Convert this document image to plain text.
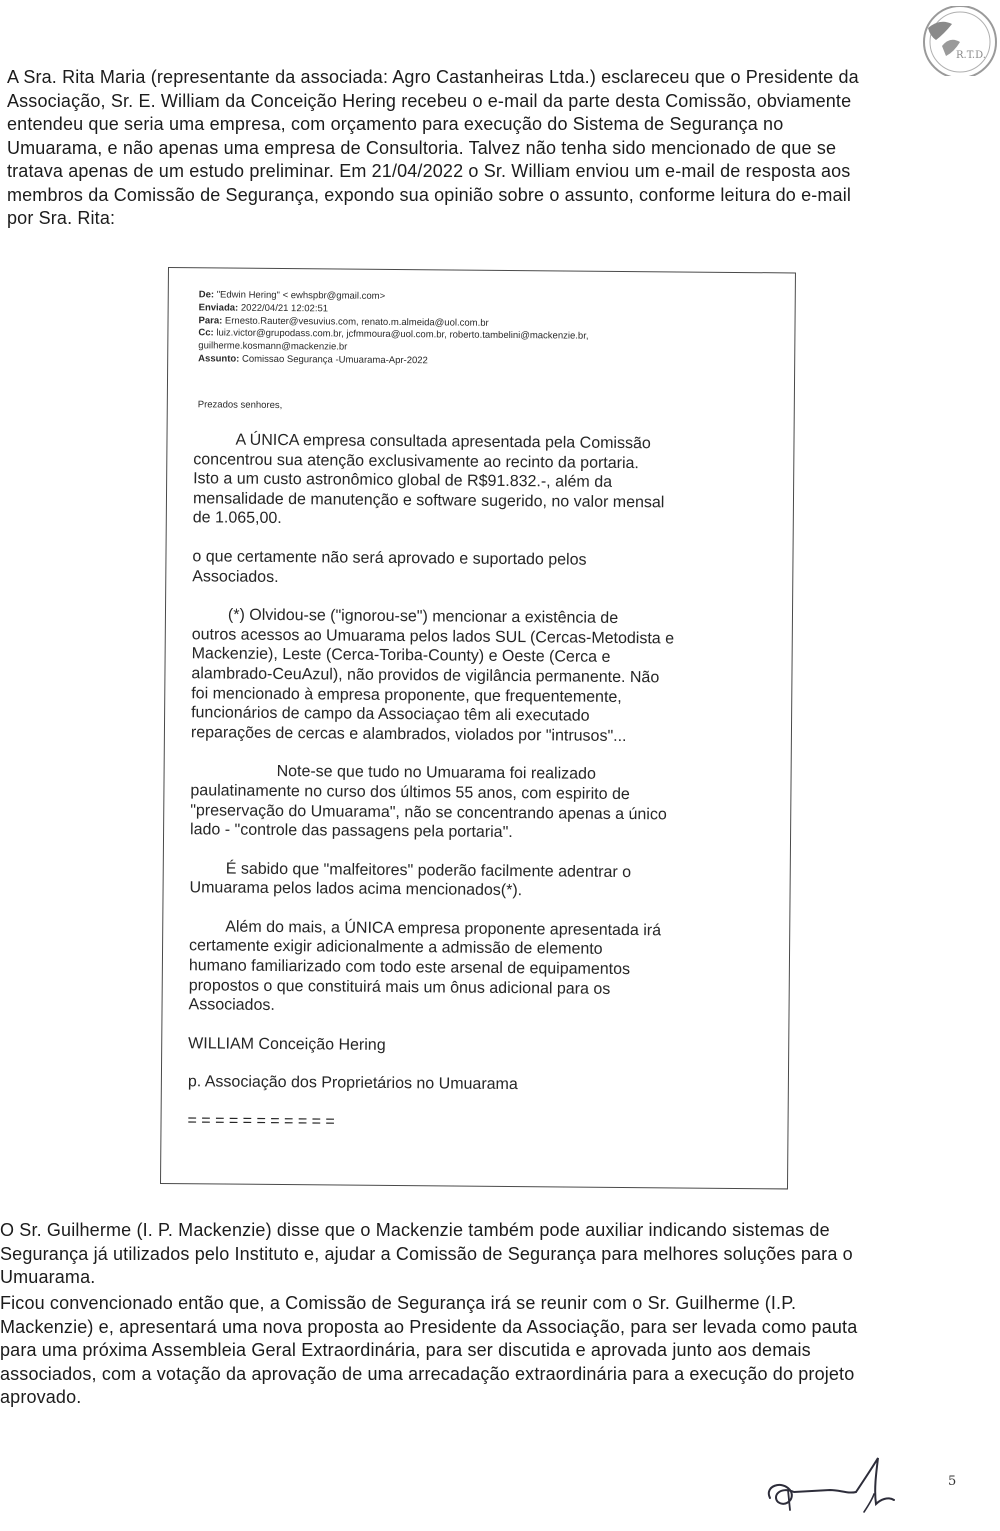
R.T.D.
A Sra. Rita Maria (representante da associada: Agro Castanheiras Ltda.) esclareceu que o Presidente da
Associação, Sr. E. William da Conceição Hering recebeu o e-mail da parte desta Comissão, obviamente
entendeu que seria uma empresa, com orçamento para execução do Sistema de Segurança no
Umuarama, e não apenas uma empresa de Consultoria. Talvez não tenha sido mencionado de que se
tratava apenas de um estudo preliminar. Em 21/04/2022 o Sr. William enviou um e-mail de resposta aos
membros da Comissão de Segurança, expondo sua opinião sobre o assunto, conforme leitura do e-mail
por Sra. Rita:
De: "Edwin Hering" < ewhspbr@gmail.com>
Enviada: 2022/04/21 12:02:51
Para: Ernesto.Rauter@vesuvius.com, renato.m.almeida@uol.com.br
Cc: luiz.victor@grupodass.com.br, jcfmmoura@uol.com.br, roberto.tambelini@mackenzie.br,
guilherme.kosmann@mackenzie.br
Assunto: Comissao Segurança -Umuarama-Apr-2022
Prezados senhores,
A ÚNICA empresa consultada apresentada pela Comissão
concentrou sua atenção exclusivamente ao recinto da portaria.
Isto a um custo astronômico global de R$91.832.-, além da
mensalidade de manutenção e software sugerido, no valor mensal
de 1.065,00.
o que certamente não será aprovado e suportado pelos
Associados.
(*) Olvidou-se ("ignorou-se") mencionar a existência de
outros acessos ao Umuarama pelos lados SUL (Cercas-Metodista e
Mackenzie), Leste (Cerca-Toriba-County) e Oeste (Cerca e
alambrado-CeuAzul), não providos de vigilância permanente. Não
foi mencionado à empresa proponente, que frequentemente,
funcionários de campo da Associaçao têm ali executado
reparações de cercas e alambrados, violados por "intrusos"...
Note-se que tudo no Umuarama foi realizado
paulatinamente no curso dos últimos 55 anos, com espirito de
"preservação do Umuarama", não se concentrando apenas a único
lado - "controle das passagens pela portaria".
É sabido que "malfeitores" poderão facilmente adentrar o
Umuarama pelos lados acima mencionados(*).
Além do mais, a ÚNICA empresa proponente apresentada irá
certamente exigir adicionalmente a admissão de elemento
humano familiarizado com todo este arsenal de equipamentos
propostos o que constituirá mais um ônus adicional para os
Associados.
WILLIAM Conceição Hering
p. Associação dos Proprietários no Umuarama
= = = = = = = = = = =
O Sr. Guilherme (I. P. Mackenzie) disse que o Mackenzie também pode auxiliar indicando sistemas de
Segurança já utilizados pelo Instituto e, ajudar a Comissão de Segurança para melhores soluções para o
Umuarama.
Ficou convencionado então que, a Comissão de Segurança irá se reunir com o Sr. Guilherme (I.P.
Mackenzie) e, apresentará uma nova proposta ao Presidente da Associação, para ser levada como pauta
para uma próxima Assembleia Geral Extraordinária, para ser discutida e aprovada junto aos demais
associados, com a votação da aprovação de uma arrecadação extraordinária para a execução do projeto
aprovado.
5
